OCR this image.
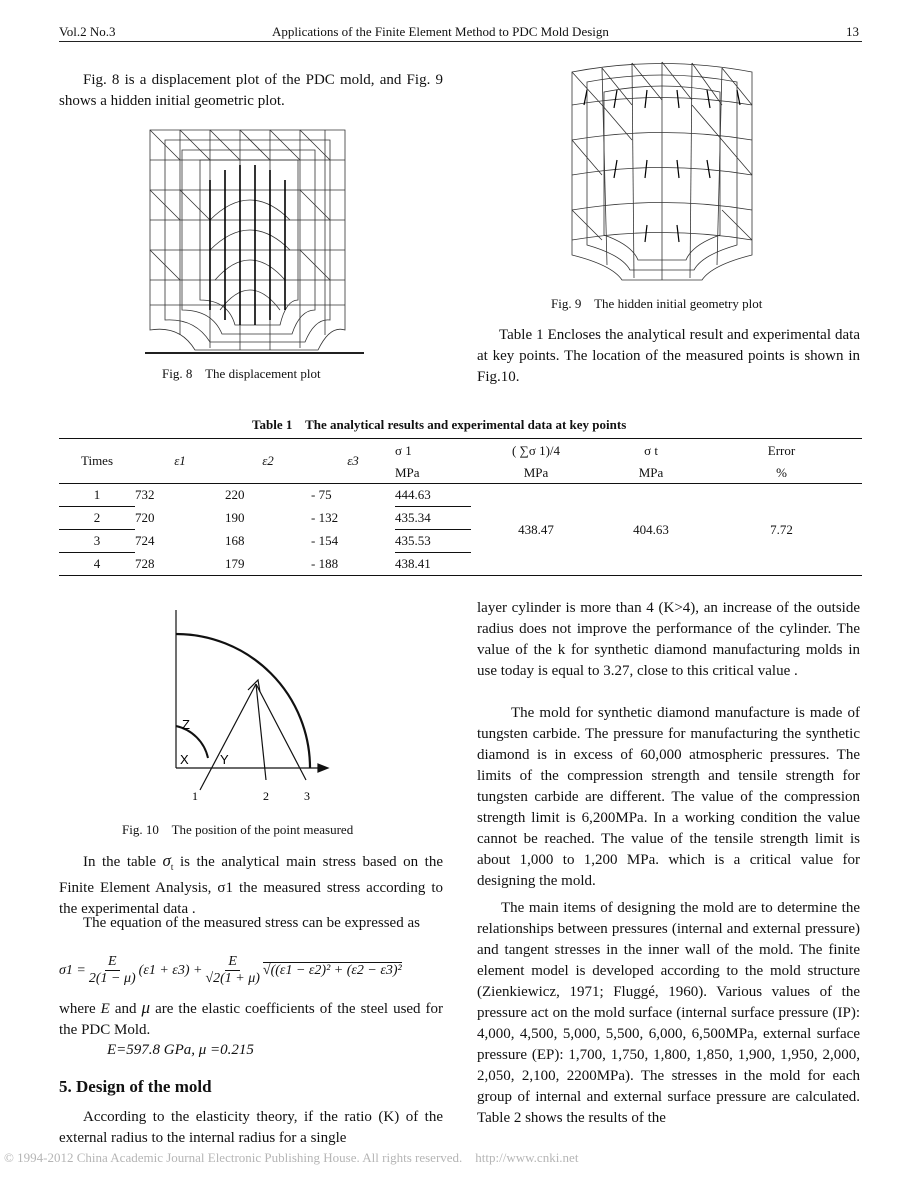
Vol.2 No.3	Applications of the Finite Element Method to PDC Mold Design	13

Fig. 8 is a displacement plot of the PDC mold, and Fig. 9 shows a hidden initial geometric plot.

Fig. 8    The displacement plot
Fig. 9    The hidden initial geometry plot

Table 1 Encloses the analytical result and experimental data at key points. The location of the measured points is shown in Fig.10.

Table 1    The analytical results and experimental data at key points
Times	ε1	ε2	ε3	σ 1	( ∑σ 1)/4	σ t	Error
				MPa	MPa	MPa	%
1	732	220	- 75	444.63	438.47	404.63	7.72
2	720	190	- 132	435.34			
3	724	168	- 154	435.53			
4	728	179	- 188	438.41			
Z
X Y
1	2	3
Fig. 10    The position of the point measured

In the table $\sigma_t$ is the analytical main stress based on the Finite Element Analysis, σ1 the measured stress according to the experimental data .

The equation of the measured stress can be expressed as

$\sigma 1 = \frac{E}{2(1 - \mu)} (\varepsilon 1 + \varepsilon 3) + \frac{E}{√2(1 + \mu)} √((\varepsilon 1 - \varepsilon 2)^2 + (\varepsilon 2 - \varepsilon 3)^2$

where E and μ are the elastic coefficients of the steel used for the PDC Mold.

E=597.8 GPa, μ =0.215

5. Design of the mold

According to the elasticity theory, if the ratio (K) of the external radius to the internal radius for a single

layer cylinder is more than 4 (K>4), an increase of the outside radius does not improve the performance of the cylinder. The value of the k for synthetic diamond manufacturing molds in use today is equal to 3.27, close to this critical value .

The mold for synthetic diamond manufacture is made of tungsten carbide. The pressure for manufacturing the synthetic diamond is in excess of 60,000 atmospheric pressures. The limits of the compression strength and tensile strength for tungsten carbide are different. The value of the compression strength limit is 6,200MPa. In a working condition the value cannot be reached. The value of the tensile strength limit is about 1,000 to 1,200 MPa. which is a critical value for designing the mold.

The main items of designing the mold are to determine the relationships between pressures (internal and external pressure) and tangent stresses in the inner wall of the mold. The finite element model is developed according to the mold structure (Zienkiewicz, 1971; Fluggé, 1960). Various values of the pressure act on the mold surface (internal surface pressure (IP): 4,000, 4,500, 5,000, 5,500, 6,000, 6,500MPa, external surface pressure (EP): 1,700, 1,750, 1,800, 1,850, 1,900, 1,950, 2,000, 2,050, 2,100, 2200MPa). The stresses in the mold for each group of internal and external surface pressure are calculated. Table 2 shows the results of the

© 1994-2012 China Academic Journal Electronic Publishing House. All rights reserved.    http://www.cnki.net
